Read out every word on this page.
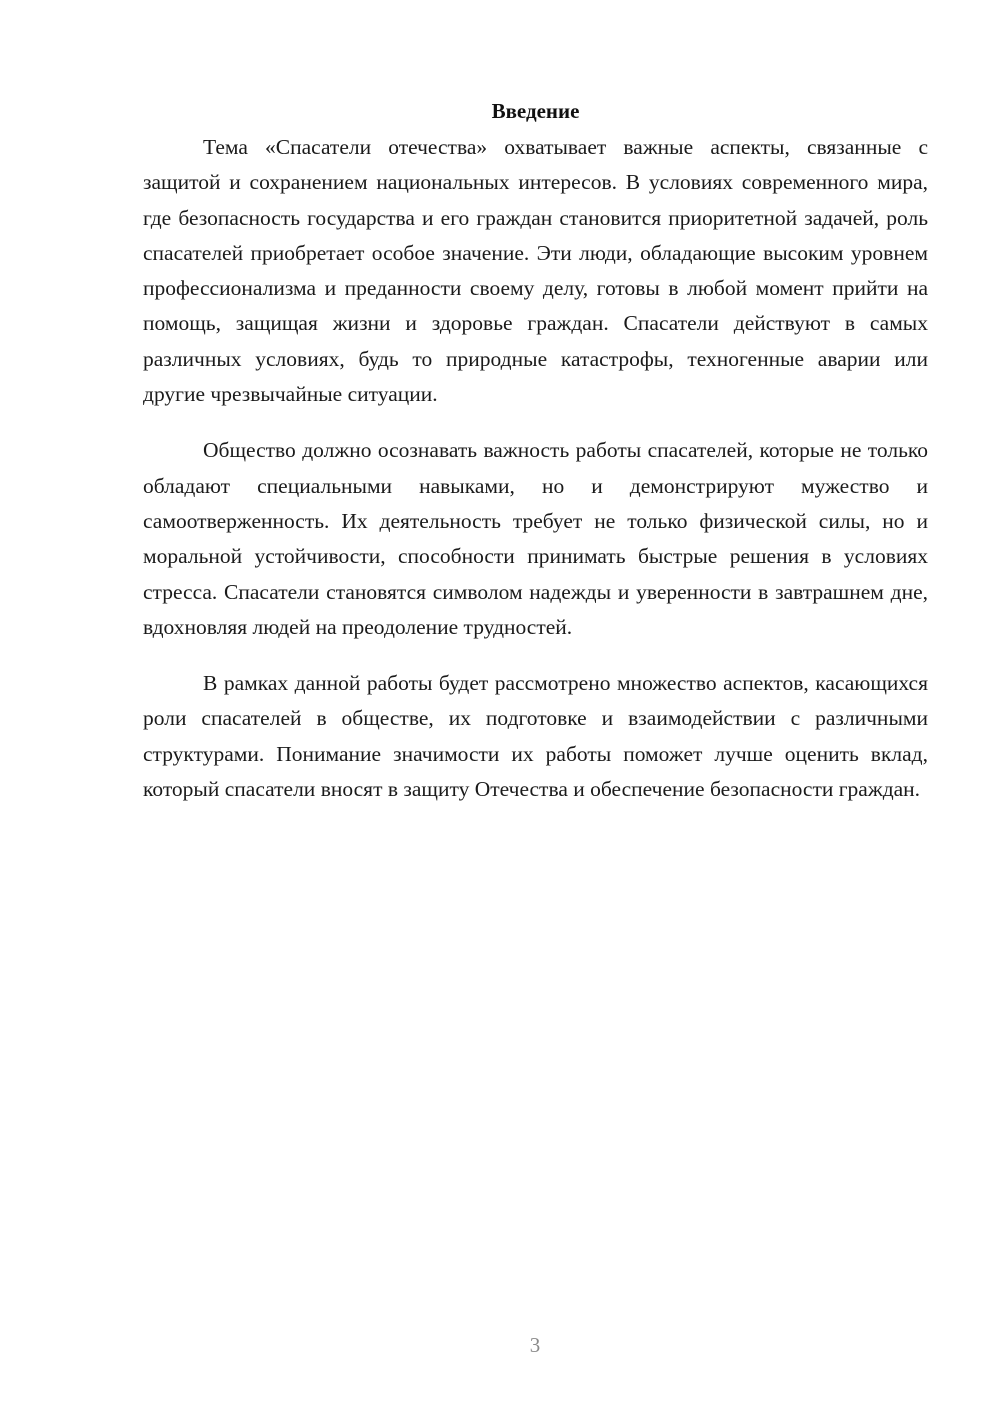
Введение

Тема «Спасатели отечества» охватывает важные аспекты, связанные с защитой и сохранением национальных интересов. В условиях современного мира, где безопасность государства и его граждан становится приоритетной задачей, роль спасателей приобретает особое значение. Эти люди, обладающие высоким уровнем профессионализма и преданности своему делу, готовы в любой момент прийти на помощь, защищая жизни и здоровье граждан. Спасатели действуют в самых различных условиях, будь то природные катастрофы, техногенные аварии или другие чрезвычайные ситуации.

Общество должно осознавать важность работы спасателей, которые не только обладают специальными навыками, но и демонстрируют мужество и самоотверженность. Их деятельность требует не только физической силы, но и моральной устойчивости, способности принимать быстрые решения в условиях стресса. Спасатели становятся символом надежды и уверенности в завтрашнем дне, вдохновляя людей на преодоление трудностей.

В рамках данной работы будет рассмотрено множество аспектов, касающихся роли спасателей в обществе, их подготовке и взаимодействии с различными структурами. Понимание значимости их работы поможет лучше оценить вклад, который спасатели вносят в защиту Отечества и обеспечение безопасности граждан.

3
